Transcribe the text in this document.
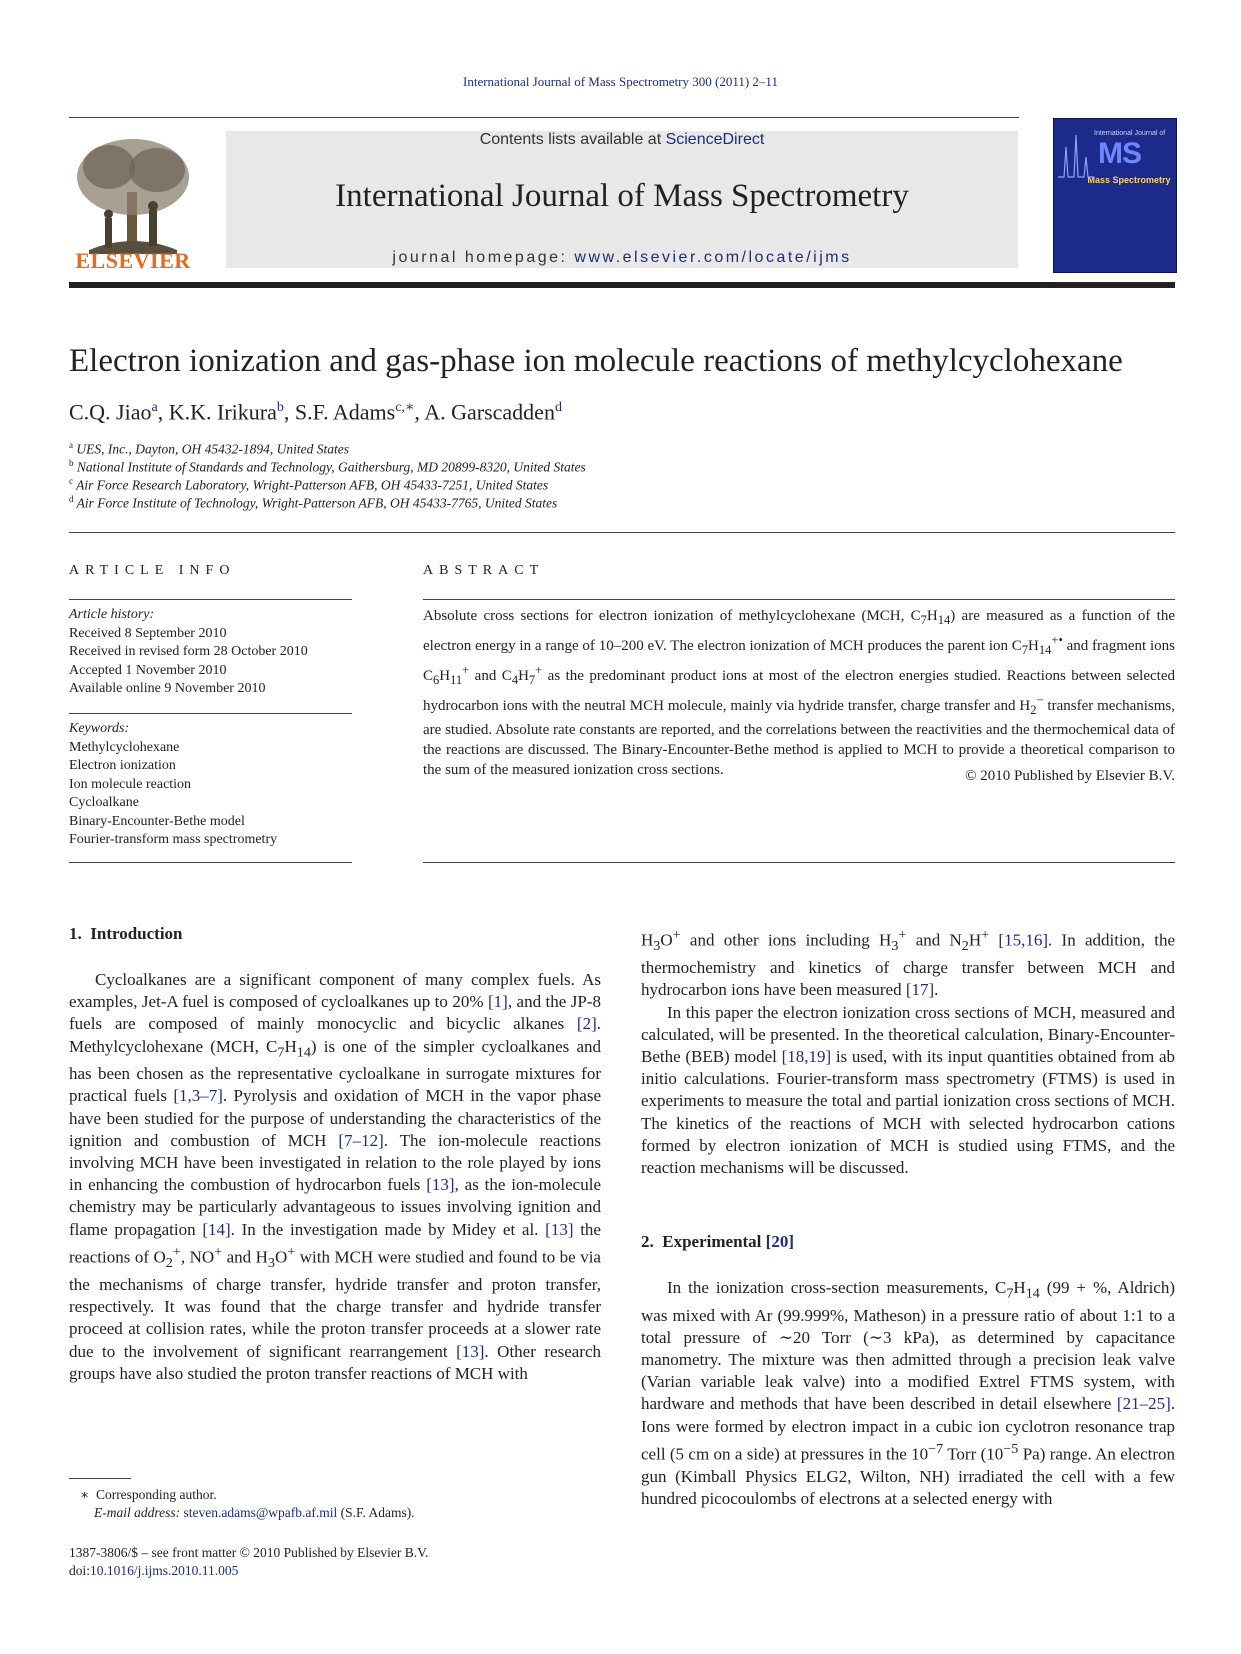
International Journal of Mass Spectrometry 300 (2011) 2–11
ELSEVIER
Contents lists available at ScienceDirect
International Journal of Mass Spectrometry
journal homepage: www.elsevier.com/locate/ijms
International Journal of
MS
Mass Spectrometry
Electron ionization and gas-phase ion molecule reactions of methylcyclohexane
C.Q. Jiao$^a$, K.K. Irikura$^b$, S.F. Adams$^{c,∗}$, A. Garscadden$^d$
$^a$ UES, Inc., Dayton, OH 45432-1894, United States
$^b$ National Institute of Standards and Technology, Gaithersburg, MD 20899-8320, United States
$^c$ Air Force Research Laboratory, Wright-Patterson AFB, OH 45433-7251, United States
$^d$ Air Force Institute of Technology, Wright-Patterson AFB, OH 45433-7765, United States
ARTICLE INFO
Article history:
Received 8 September 2010
Received in revised form 28 October 2010
Accepted 1 November 2010
Available online 9 November 2010
Keywords:
Methylcyclohexane
Electron ionization
Ion molecule reaction
Cycloalkane
Binary-Encounter-Bethe model
Fourier-transform mass spectrometry
ABSTRACT
Absolute cross sections for electron ionization of methylcyclohexane (MCH, $C_7H_{14}$) are measured as a function of the electron energy in a range of 10–200 eV. The electron ionization of MCH produces the parent ion $C_7H_{14}^{+•}$ and fragment ions $C_6H_{11}^+$ and $C_4H_7^+$ as the predominant product ions at most of the electron energies studied. Reactions between selected hydrocarbon ions with the neutral MCH molecule, mainly via hydride transfer, charge transfer and $H_2^-$ transfer mechanisms, are studied. Absolute rate constants are reported, and the correlations between the reactivities and the thermochemical data of the reactions are discussed. The Binary-Encounter-Bethe method is applied to MCH to provide a theoretical comparison to the sum of the measured ionization cross sections.	© 2010 Published by Elsevier B.V.
1. Introduction

Cycloalkanes are a significant component of many complex fuels. As examples, Jet-A fuel is composed of cycloalkanes up to 20% [1], and the JP-8 fuels are composed of mainly monocyclic and bicyclic alkanes [2]. Methylcyclohexane (MCH, $C_7H_{14}$) is one of the simpler cycloalkanes and has been chosen as the representative cycloalkane in surrogate mixtures for practical fuels [1,3–7]. Pyrolysis and oxidation of MCH in the vapor phase have been studied for the purpose of understanding the characteristics of the ignition and combustion of MCH [7–12]. The ion-molecule reactions involving MCH have been investigated in relation to the role played by ions in enhancing the combustion of hydrocarbon fuels [13], as the ion-molecule chemistry may be particularly advantageous to issues involving ignition and flame propagation [14]. In the investigation made by Midey et al. [13] the reactions of $O_2^+$, NO+ and $H_3O^+$ with MCH were studied and found to be via the mechanisms of charge transfer, hydride transfer and proton transfer, respectively. It was found that the charge transfer and hydride transfer proceed at collision rates, while the proton transfer proceeds at a slower rate due to the involvement of significant rearrangement [13]. Other research groups have also studied the proton transfer reactions of MCH with

$H_3O^+$ and other ions including $H_3^+$ and $N_2H^+$ [15,16]. In addition, the thermochemistry and kinetics of charge transfer between MCH and hydrocarbon ions have been measured [17].

In this paper the electron ionization cross sections of MCH, measured and calculated, will be presented. In the theoretical calculation, Binary-Encounter-Bethe (BEB) model [18,19] is used, with its input quantities obtained from ab initio calculations. Fourier-transform mass spectrometry (FTMS) is used in experiments to measure the total and partial ionization cross sections of MCH. The kinetics of the reactions of MCH with selected hydrocarbon cations formed by electron ionization of MCH is studied using FTMS, and the reaction mechanisms will be discussed.

2. Experimental [20]

In the ionization cross-section measurements, $C_7H_{14}$ (99 + %, Aldrich) was mixed with Ar (99.999%, Matheson) in a pressure ratio of about 1:1 to a total pressure of ∼20 Torr (∼3 kPa), as determined by capacitance manometry. The mixture was then admitted through a precision leak valve (Varian variable leak valve) into a modified Extrel FTMS system, with hardware and methods that have been described in detail elsewhere [21–25]. Ions were formed by electron impact in a cubic ion cyclotron resonance trap cell (5 cm on a side) at pressures in the $10^{-7}$ Torr ($10^{-5}$ Pa) range. An electron gun (Kimball Physics ELG2, Wilton, NH) irradiated the cell with a few hundred picocoulombs of electrons at a selected energy with

∗ Corresponding author.
E-mail address: steven.adams@wpafb.af.mil (S.F. Adams).
1387-3806/$ – see front matter © 2010 Published by Elsevier B.V.
doi:10.1016/j.ijms.2010.11.005
